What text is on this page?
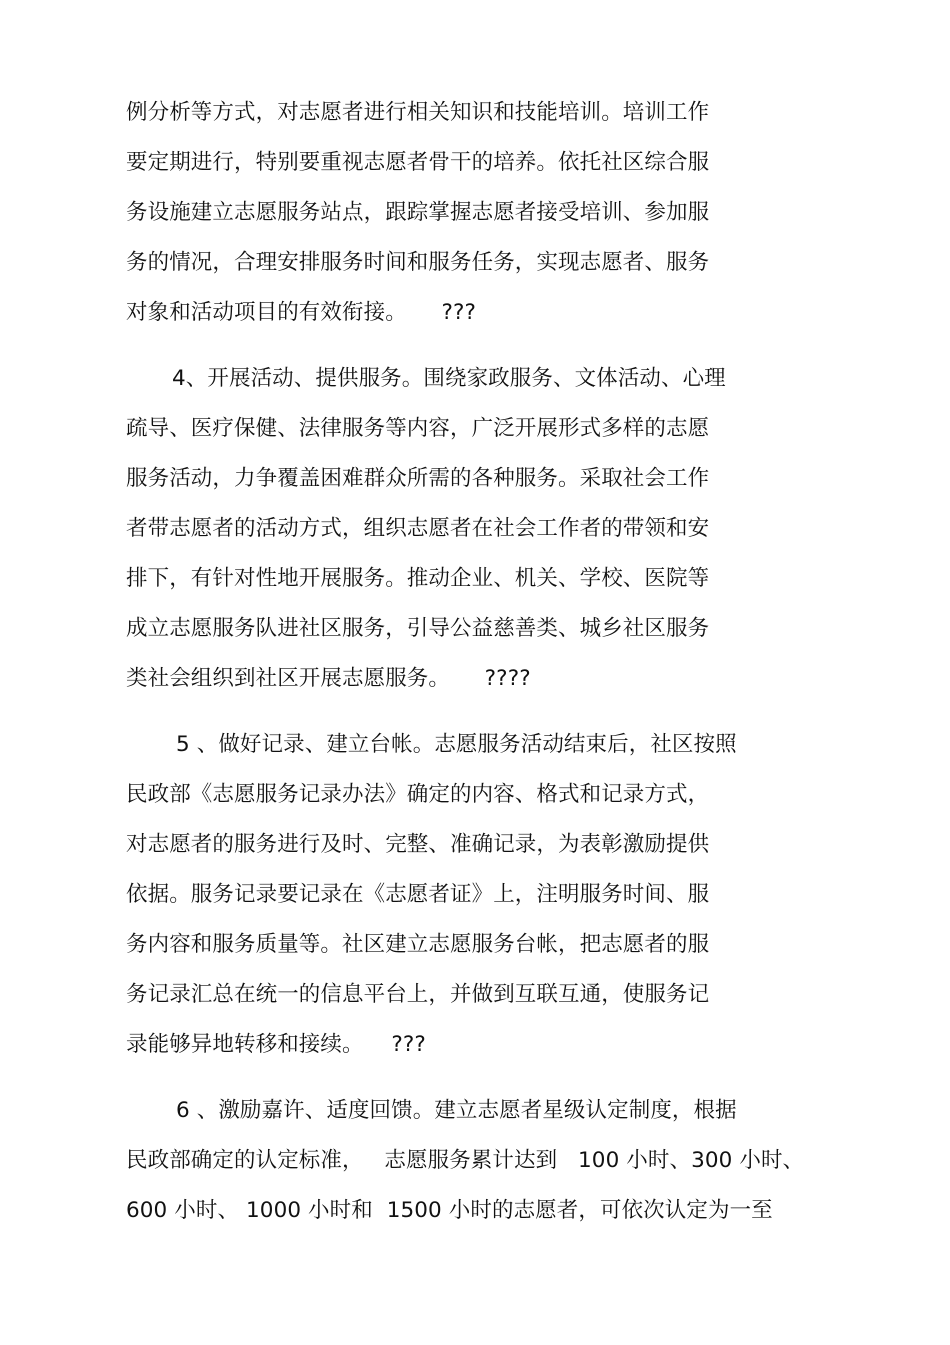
例分析等方式，对志愿者进行相关知识和技能培训。培训工作
要定期进行，特别要重视志愿者骨干的培养。依托社区综合服
务设施建立志愿服务站点，跟踪掌握志愿者接受培训、参加服
务的情况，合理安排服务时间和服务任务，实现志愿者、服务
对象和活动项目的有效衔接。     ???
4、开展活动、提供服务。围绕家政服务、文体活动、心理
疏导、医疗保健、法律服务等内容，广泛开展形式多样的志愿
服务活动，力争覆盖困难群众所需的各种服务。采取社会工作
者带志愿者的活动方式，组织志愿者在社会工作者的带领和安
排下，有针对性地开展服务。推动企业、机关、学校、医院等
成立志愿服务队进社区服务，引导公益慈善类、城乡社区服务
类社会组织到社区开展志愿服务。     ????
5 、做好记录、建立台帐。志愿服务活动结束后，社区按照
民政部《志愿服务记录办法》确定的内容、格式和记录方式，
对志愿者的服务进行及时、完整、准确记录，为表彰激励提供
依据。服务记录要记录在《志愿者证》上，注明服务时间、服
务内容和服务质量等。社区建立志愿服务台帐，把志愿者的服
务记录汇总在统一的信息平台上，并做到互联互通，使服务记
录能够异地转移和接续。    ???
6 、激励嘉许、适度回馈。建立志愿者星级认定制度，根据
民政部确定的认定标准，   志愿服务累计达到   100 小时、300 小时、
600 小时、 1000 小时和  1500 小时的志愿者，可依次认定为一至
